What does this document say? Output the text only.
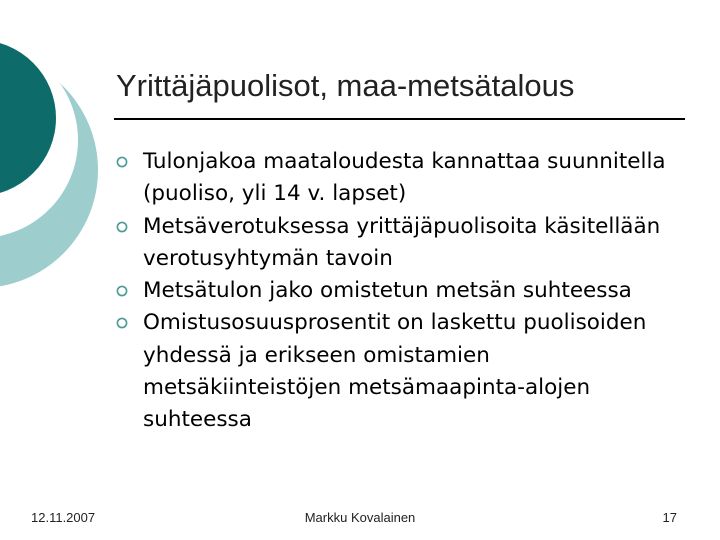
Yrittäjäpuolisot, maa-metsätalous
Tulonjakoa maataloudesta kannattaa suunnitella (puoliso, yli 14 v. lapset)
Metsäverotuksessa yrittäjäpuolisoita käsitellään verotusyhtymän tavoin
Metsätulon jako omistetun metsän suhteessa
Omistusosuusprosentit on laskettu puolisoiden yhdessä ja erikseen omistamien metsäkiinteistöjen metsämaapinta-alojen suhteessa
12.11.2007	Markku Kovalainen	17
